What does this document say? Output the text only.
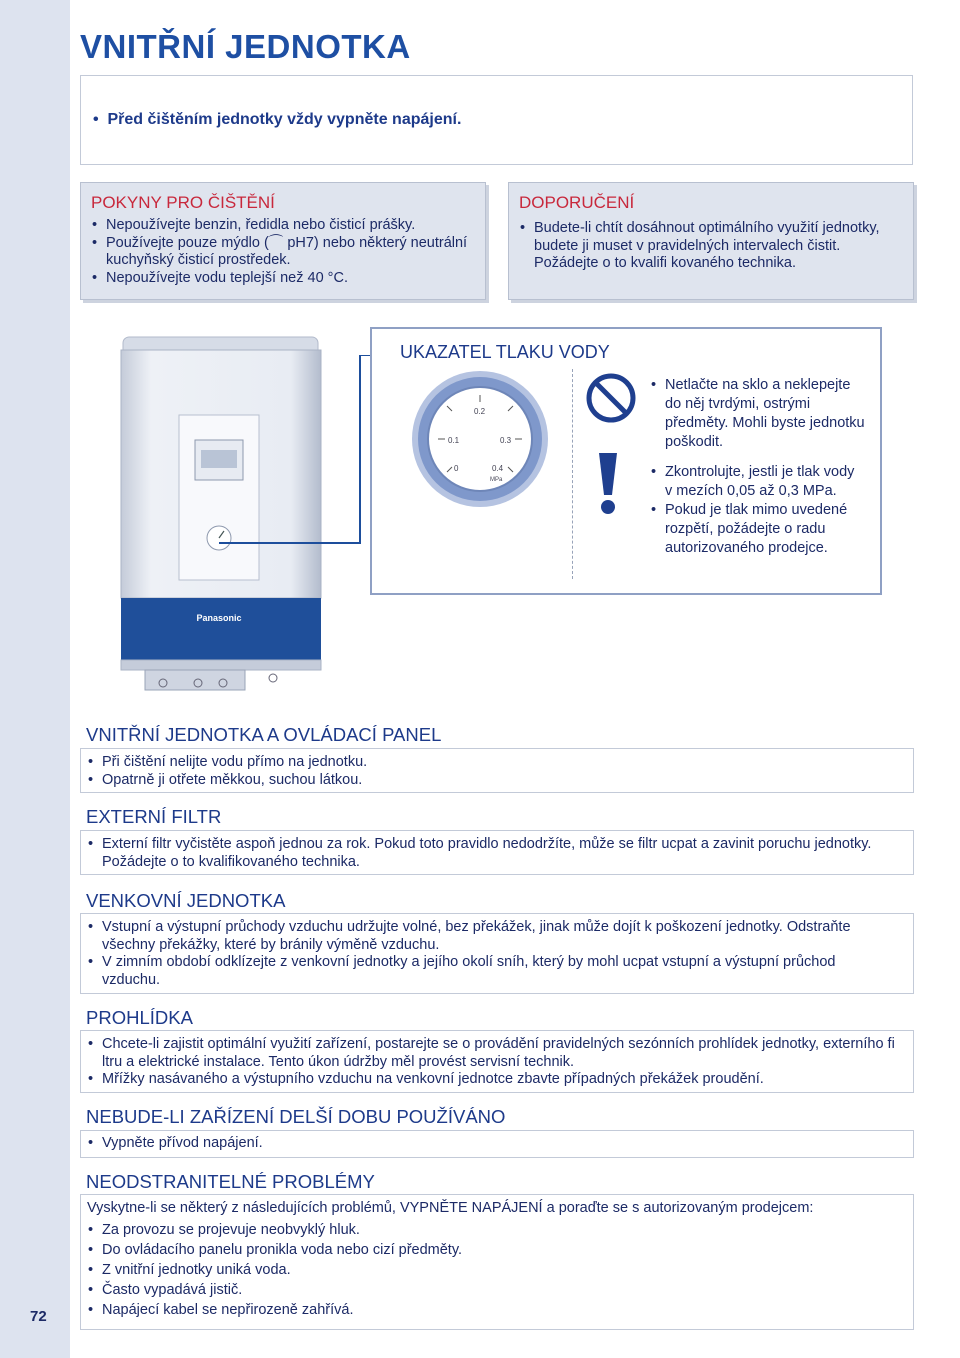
VNITŘNÍ JEDNOTKA
•  Před čištěním jednotky vždy vypněte napájení.
POKYNY PRO ČIŠTĚNÍ
• Nepoužívejte benzin, ředidla nebo čisticí prášky.
• Používejte pouze mýdlo (⌒ pH7) nebo některý neutrální kuchyňský čisticí prostředek.
• Nepoužívejte vodu teplejší než 40 °C.
DOPORUČENÍ
• Budete-li chtít dosáhnout optimálního využití jednotky, budete ji muset v pravidelných intervalech čistit. Požádejte o to kvalifi kovaného technika.
Panasonic
UKAZATEL TLAKU VODY
0
0.1
0.2
0.3
0.4
MPa
• Netlačte na sklo a neklepejte do něj tvrdými, ostrými předměty. Mohli byste jednotku poškodit.
• Zkontrolujte, jestli je tlak vody v mezích 0,05 až 0,3 MPa.
• Pokud je tlak mimo uvedené rozpětí, požádejte o radu autorizovaného prodejce.
VNITŘNÍ JEDNOTKA A OVLÁDACÍ PANEL
• Při čištění nelijte vodu přímo na jednotku.
• Opatrně ji otřete měkkou, suchou látkou.
EXTERNÍ FILTR
• Externí filtr vyčistěte aspoň jednou za rok. Pokud toto pravidlo nedodržíte, může se filtr ucpat a zavinit poruchu jednotky. Požádejte o to kvalifikovaného technika.
VENKOVNÍ JEDNOTKA
• Vstupní a výstupní průchody vzduchu udržujte volné, bez překážek, jinak může dojít k poškození jednotky. Odstraňte všechny překážky, které by bránily výměně vzduchu.
• V zimním období odklízejte z venkovní jednotky a jejího okolí sníh, který by mohl ucpat vstupní a výstupní průchod vzduchu.
PROHLÍDKA
• Chcete-li zajistit optimální využití zařízení, postarejte se o provádění pravidelných sezónních prohlídek jednotky, externího fi ltru a elektrické instalace. Tento úkon údržby měl provést servisní technik.
• Mřížky nasávaného a výstupního vzduchu na venkovní jednotce zbavte případných překážek proudění.
NEBUDE-LI ZAŘÍZENÍ DELŠÍ DOBU POUŽÍVÁNO
• Vypněte přívod napájení.
NEODSTRANITELNÉ PROBLÉMY
Vyskytne-li se některý z následujících problémů, VYPNĚTE NAPÁJENÍ a poraďte se s autorizovaným prodejcem:
• Za provozu se projevuje neobvyklý hluk.
• Do ovládacího panelu pronikla voda nebo cizí předměty.
• Z vnitřní jednotky uniká voda.
• Často vypadává jistič.
• Napájecí kabel se nepřirozeně zahřívá.
72
